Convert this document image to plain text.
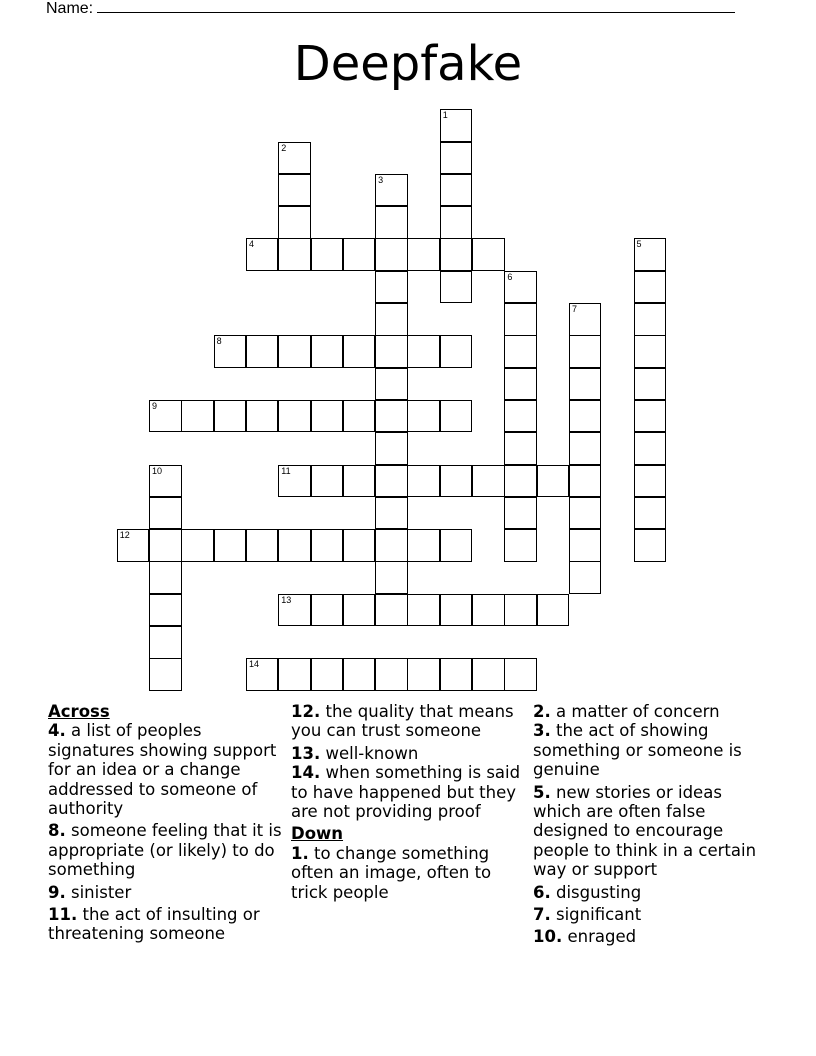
Name:
Deepfake
1
2
3
4	5
6
7
8
9
10	11
12
13
14
Across
4. a list of peoples signatures showing support for an idea or a change addressed to someone of authority
8. someone feeling that it is appropriate (or likely) to do something
9. sinister
11. the act of insulting or threatening someone
12. the quality that means you can trust someone
13. well-known
14. when something is said to have happened but they are not providing proof
Down
1. to change something often an image, often to trick people
2. a matter of concern
3. the act of showing something or someone is genuine
5. new stories or ideas which are often false designed to encourage people to think in a certain way or support
6. disgusting
7. significant
10. enraged
